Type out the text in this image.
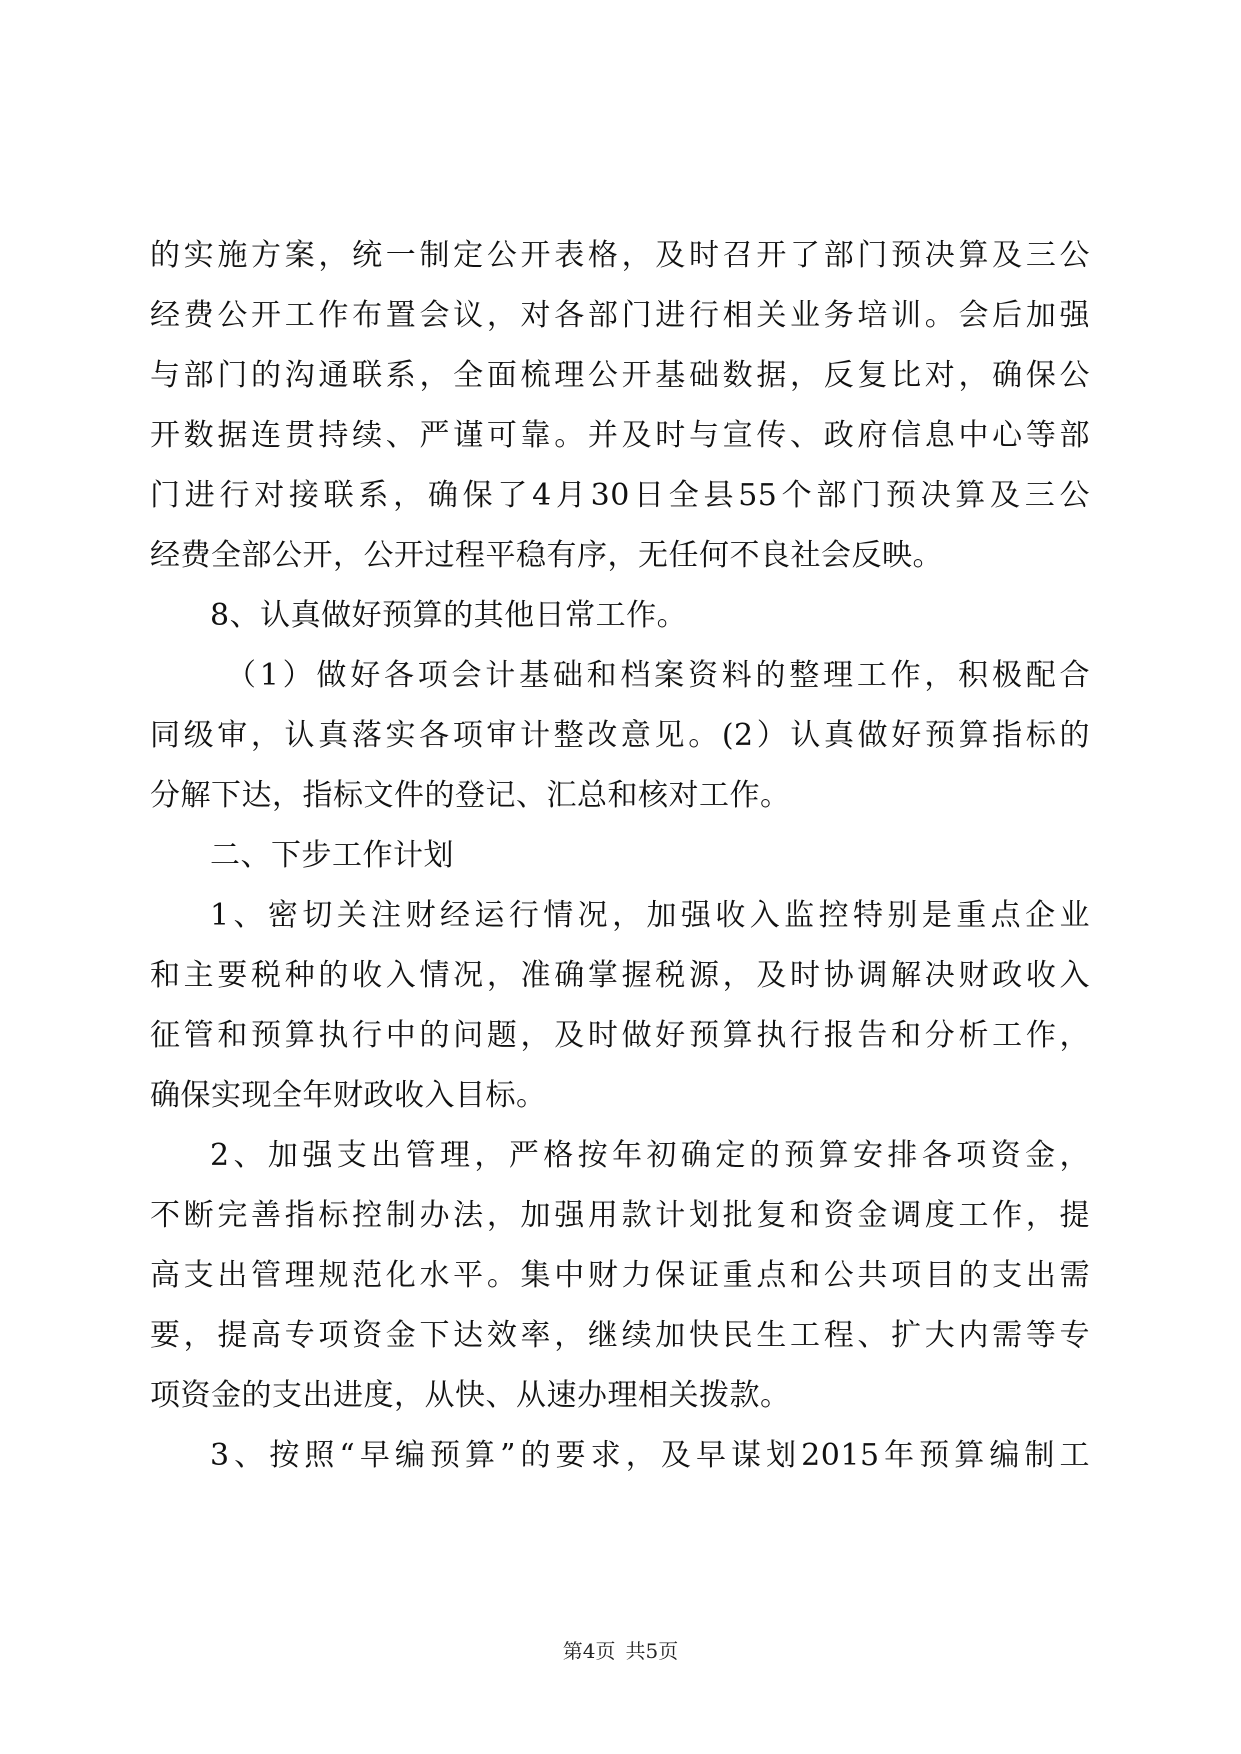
的实施方案，统一制定公开表格，及时召开了部门预决算及三公
经费公开工作布置会议，对各部门进行相关业务培训。会后加强
与部门的沟通联系，全面梳理公开基础数据，反复比对，确保公
开数据连贯持续、严谨可靠。并及时与宣传、政府信息中心等部
门进行对接联系，确保了4月30日全县55个部门预决算及三公
经费全部公开，公开过程平稳有序，无任何不良社会反映。
8、认真做好预算的其他日常工作。
（1）做好各项会计基础和档案资料的整理工作，积极配合
同级审，认真落实各项审计整改意见。(2）认真做好预算指标的
分解下达，指标文件的登记、汇总和核对工作。
二、下步工作计划
1、密切关注财经运行情况，加强收入监控特别是重点企业
和主要税种的收入情况，准确掌握税源，及时协调解决财政收入
征管和预算执行中的问题，及时做好预算执行报告和分析工作，
确保实现全年财政收入目标。
2、加强支出管理，严格按年初确定的预算安排各项资金，
不断完善指标控制办法，加强用款计划批复和资金调度工作，提
高支出管理规范化水平。集中财力保证重点和公共项目的支出需
要，提高专项资金下达效率，继续加快民生工程、扩大内需等专
项资金的支出进度，从快、从速办理相关拨款。
3、按照“早编预算”的要求，及早谋划2015年预算编制工
第4页 共5页
